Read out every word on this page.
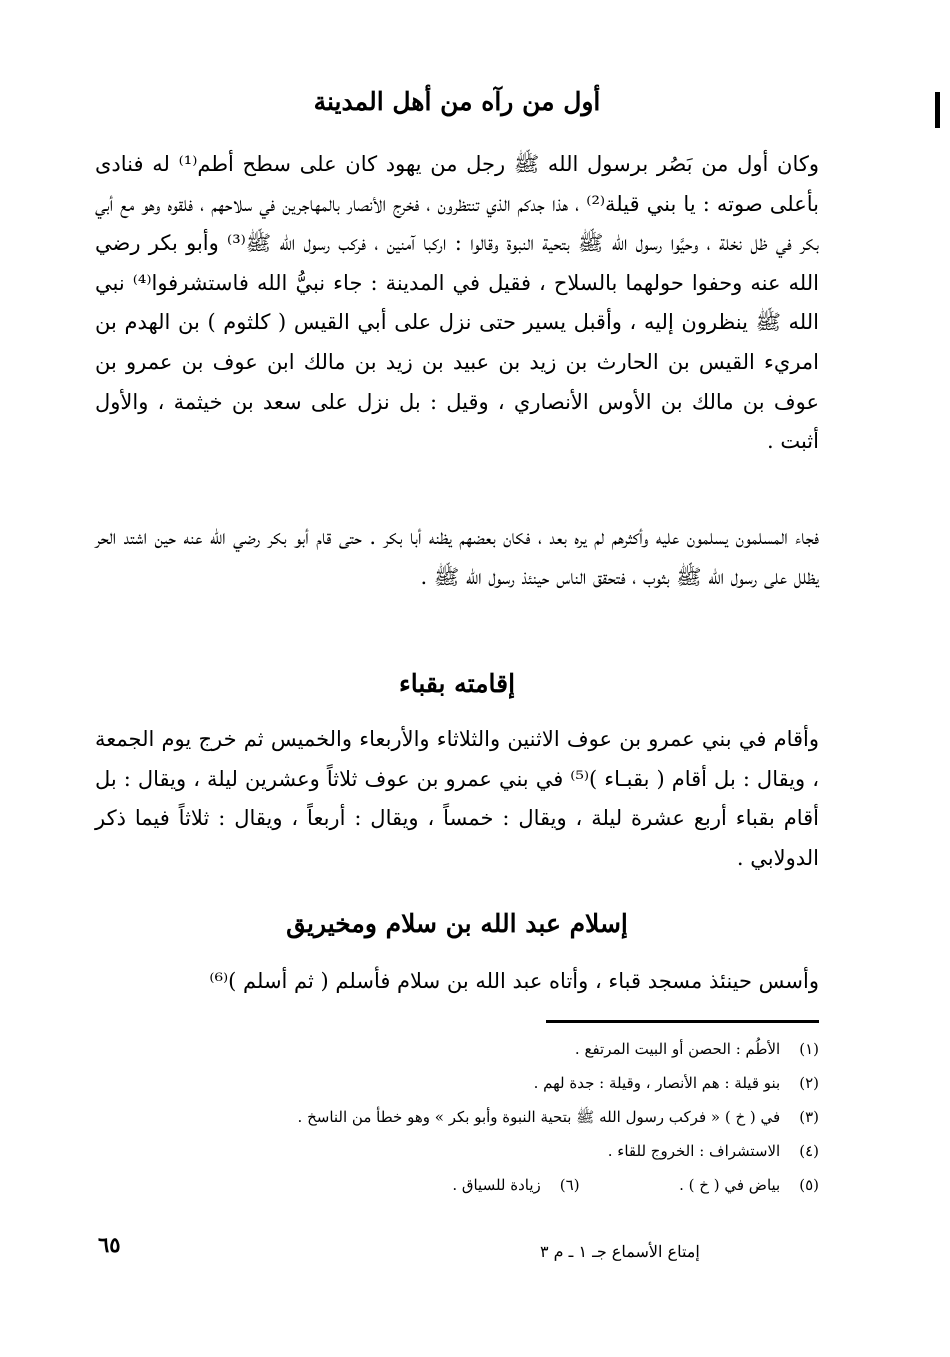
أول من رآه من أهل المدينة

وكان أول من بَصُر برسول الله ﷺ رجل من يهود كان على سطح أطم⁽¹⁾ له فنادى بأعلى صوته : يا بني قيلة⁽²⁾ ، هذا جدكم الذي تنتظرون ، فخرج الأنصار بالمهاجرين في سلاحهم ، فلقوه وهو مع أبي بكر في ظل نخلة ، وحيَّوا رسول الله ﷺ بتحية النبوة وقالوا : اركبا آمنين ، فركب رسول الله ﷺ⁽³⁾ وأبو بكر رضي الله عنه وحفوا حولهما بالسلاح ، فقيل في المدينة : جاء نبيُّ الله فاستشرفوا⁽⁴⁾ نبي الله ﷺ ينظرون إليه ، وأقبل يسير حتى نزل على أبي القيس ( كلثوم ) بن الهدم بن امريء القيس بن الحارث بن زيد بن عبيد بن زيد بن مالك ابن عوف بن عمرو بن عوف بن مالك بن الأوس الأنصاري ، وقيل : بل نزل على سعد بن خيثمة ، والأول أثبت .

فجاء المسلمون يسلمون عليه وأكثرهم لم يره بعد ، فكان بعضهم يظنه أبا بكر . حتى قام أبو بكر رضي الله عنه حين اشتد الحر يظلل على رسول الله ﷺ بثوب ، فتحقق الناس حينئذ رسول الله ﷺ .

إقامته بقباء

وأقام في بني عمرو بن عوف الاثنين والثلاثاء والأربعاء والخميس ثم خرج يوم الجمعة ، ويقال : بل أقام ( بقبـاء )⁽⁵⁾ في بني عمرو بن عوف ثلاثاً وعشرين ليلة ، ويقال : بل أقام بقباء أربع عشرة ليلة ، ويقال : خمساً ، ويقال : أربعاً ، ويقال : ثلاثاً فيما ذكر الدولابي .

إسلام عبد الله بن سلام ومخيريق

وأسس حينئذ مسجد قباء ، وأتاه عبد الله بن سلام فأسلم ( ثم أسلم )⁽⁶⁾

(١) الأطُم : الحصن أو البيت المرتفع .
(٢) بنو قيلة : هم الأنصار ، وقيلة : جدة لهم .
(٣) في ( خ ) « فركب رسول الله ﷺ بتحية النبوة وأبو بكر » وهو خطأ من الناسخ .
(٤) الاستشراف : الخروج للقاء .
(٥) بياض في ( خ ) .  (٦) زيادة للسياق .
٦٥	إمتاع الأسماع جـ ١ ـ م ٣
